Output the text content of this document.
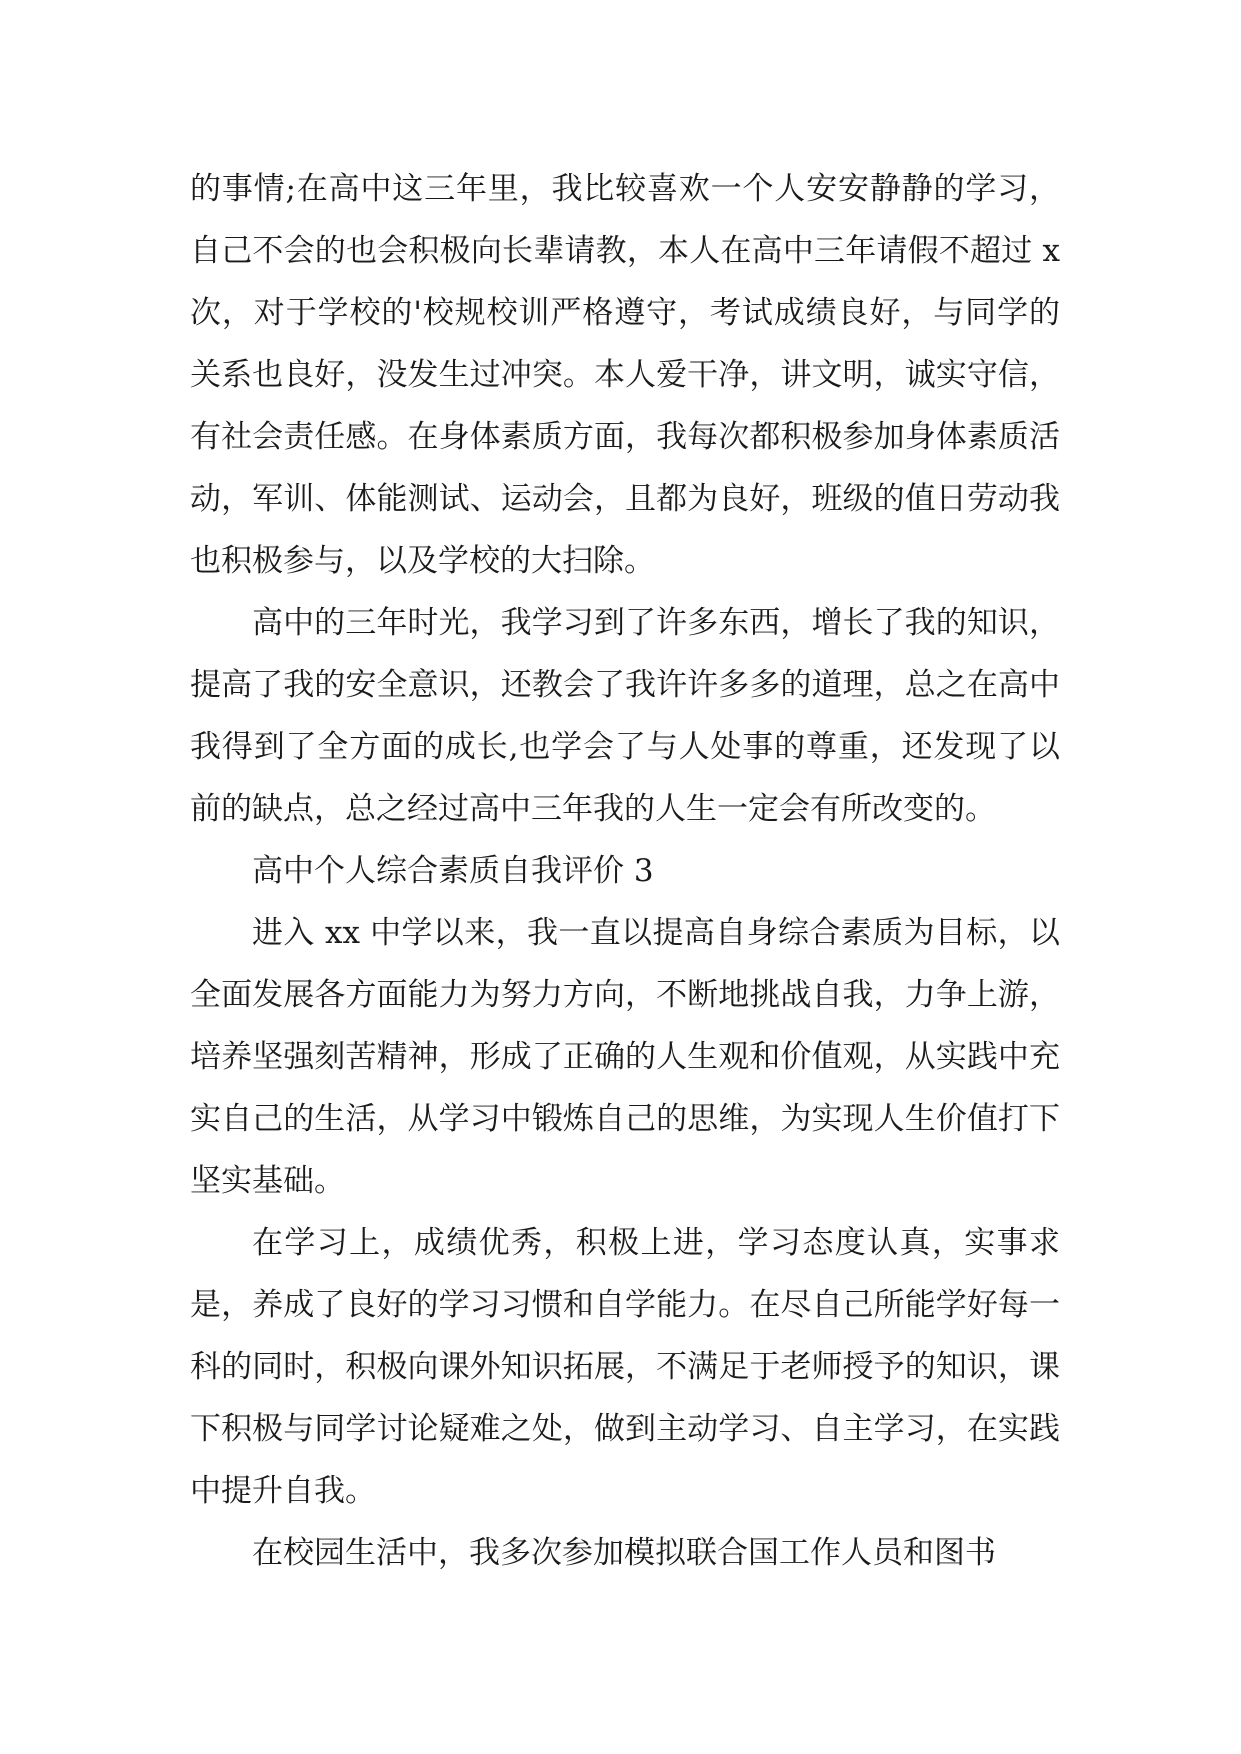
的事情;在高中这三年里，我比较喜欢一个人安安静静的学习，自己不会的也会积极向长辈请教，本人在高中三年请假不超过 x 次，对于学校的'校规校训严格遵守，考试成绩良好，与同学的关系也良好，没发生过冲突。本人爱干净，讲文明，诚实守信，有社会责任感。在身体素质方面，我每次都积极参加身体素质活动，军训、体能测试、运动会，且都为良好，班级的值日劳动我也积极参与，以及学校的大扫除。

高中的三年时光，我学习到了许多东西，增长了我的知识，提高了我的安全意识，还教会了我许许多多的道理，总之在高中我得到了全方面的成长,也学会了与人处事的尊重，还发现了以前的缺点，总之经过高中三年我的人生一定会有所改变的。

高中个人综合素质自我评价 3

进入 xx 中学以来，我一直以提高自身综合素质为目标，以全面发展各方面能力为努力方向，不断地挑战自我，力争上游，培养坚强刻苦精神，形成了正确的人生观和价值观，从实践中充实自己的生活，从学习中锻炼自己的思维，为实现人生价值打下坚实基础。

在学习上，成绩优秀，积极上进，学习态度认真，实事求是，养成了良好的学习习惯和自学能力。在尽自己所能学好每一科的同时，积极向课外知识拓展，不满足于老师授予的知识，课下积极与同学讨论疑难之处，做到主动学习、自主学习，在实践中提升自我。

在校园生活中，我多次参加模拟联合国工作人员和图书
